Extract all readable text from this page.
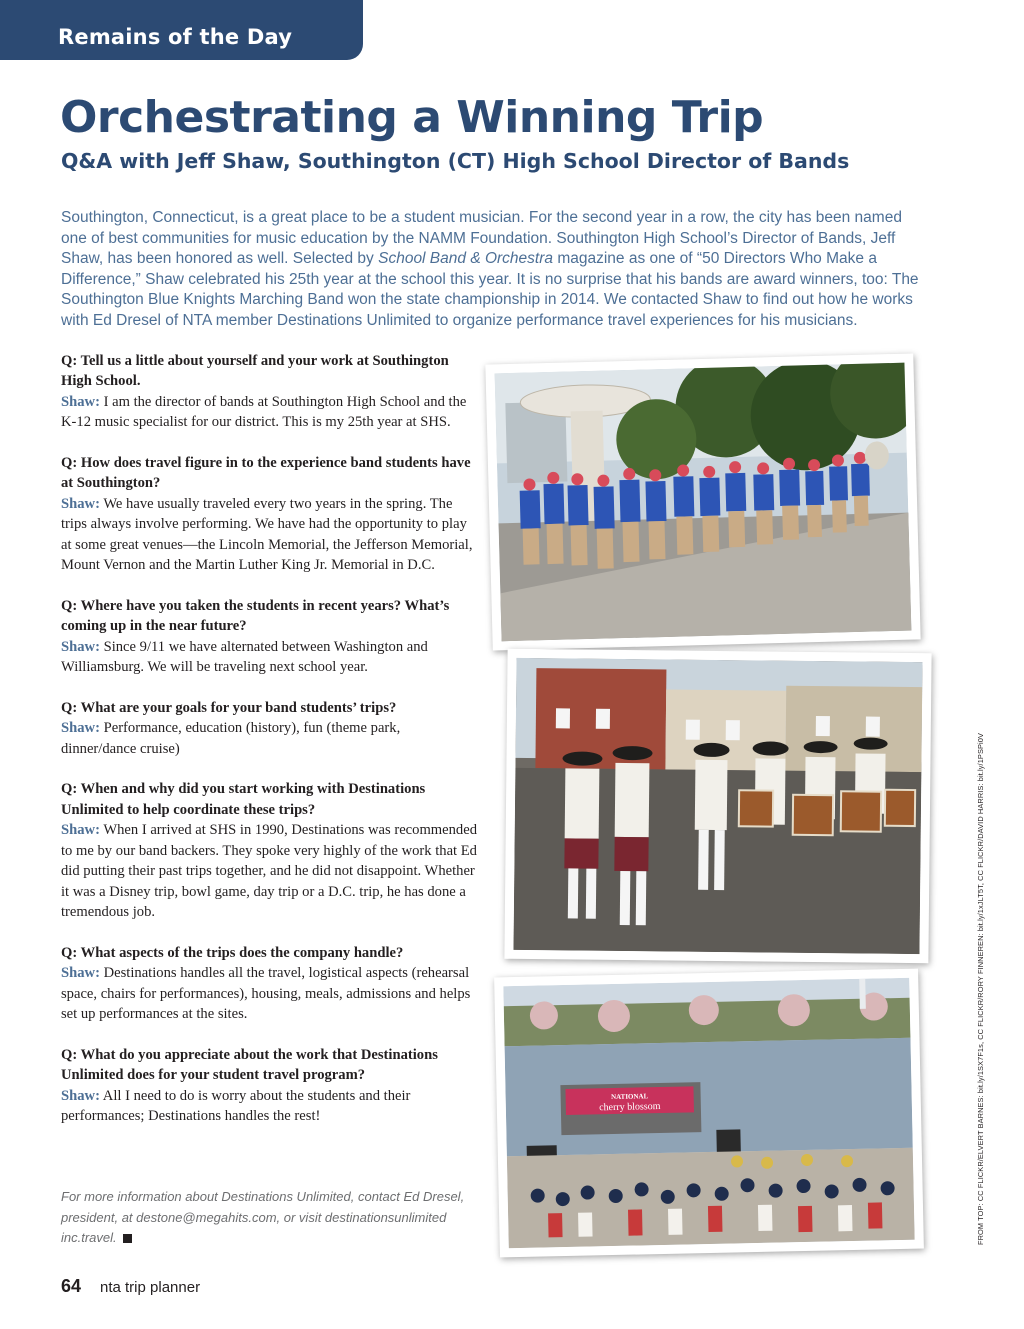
Remains of the Day
Orchestrating a Winning Trip
Q&A with Jeff Shaw, Southington (CT) High School Director of Bands

Southington, Connecticut, is a great place to be a student musician. For the second year in a row, the city has been named one of best communities for music education by the NAMM Foundation. Southington High School’s Director of Bands, Jeff Shaw, has been honored as well. Selected by School Band & Orchestra magazine as one of “50 Directors Who Make a Difference,” Shaw celebrated his 25th year at the school this year. It is no surprise that his bands are award winners, too: The Southington Blue Knights Marching Band won the state championship in 2014. We contacted Shaw to find out how he works with Ed Dresel of NTA member Destinations Unlimited to organize performance travel experiences for his musicians.

Q: Tell us a little about yourself and your work at Southington High School.
Shaw: I am the director of bands at Southington High School and the K-12 music specialist for our district. This is my 25th year at SHS.
Q: How does travel figure in to the experience band students have at Southington?
Shaw: We have usually traveled every two years in the spring. The trips always involve performing. We have had the opportunity to play at some great venues—the Lincoln Memorial, the Jefferson Memorial, Mount Vernon and the Martin Luther King Jr. Memorial in D.C.
Q: Where have you taken the students in recent years? What’s coming up in the near future?
Shaw: Since 9/11 we have alternated between Washington and Williamsburg. We will be traveling next school year.
Q: What are your goals for your band students’ trips?
Shaw: Performance, education (history), fun (theme park, dinner/dance cruise)
Q: When and why did you start working with Destinations Unlimited to help coordinate these trips?
Shaw: When I arrived at SHS in 1990, Destinations was recommended to me by our band backers. They spoke very highly of the work that Ed did putting their past trips together, and he did not disappoint. Whether it was a Disney trip, bowl game, day trip or a D.C. trip, he has done a tremendous job.
Q: What aspects of the trips does the company handle?
Shaw: Destinations handles all the travel, logistical aspects (rehearsal space, chairs for performances), housing, meals, admissions and helps set up performances at the sites.
Q: What do you appreciate about the work that Destinations Unlimited does for your student travel program?
Shaw: All I need to do is worry about the students and their performances; Destinations handles the rest!

For more information about Destinations Unlimited, contact Ed Dresel, president, at destone@megahits.com, or visit destinationsunlimited inc.travel.

NATIONAL
cherry blossom	FROM TOP: CC FLICKR/ELVERT BARNES: bit.ly/1SX7F1s, CC FLICKR/RORY FINNEREN: bit.ly/1xJLT5T, CC FLICKR/DAVID HARRIS: bit.ly/1PSPi0V
64 nta trip planner
